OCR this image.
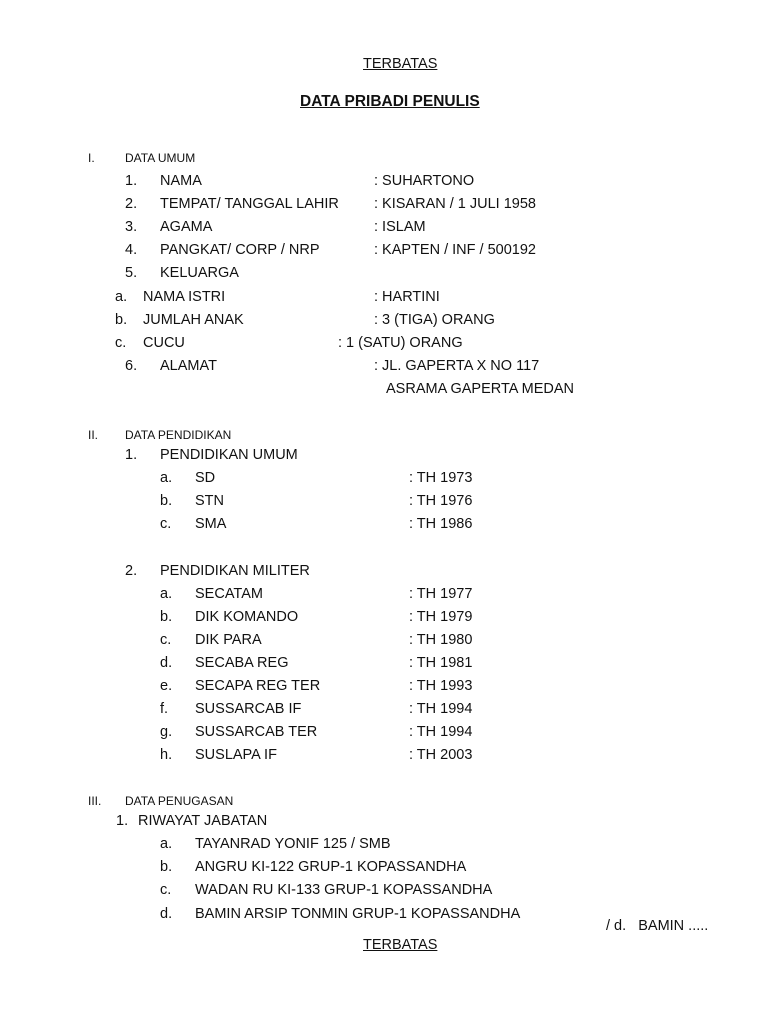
TERBATAS
DATA PRIBADI PENULIS
I.	DATA UMUM
1. NAMA	: SUHARTONO
2. TEMPAT/ TANGGAL LAHIR : KISARAN / 1 JULI 1958
3. AGAMA	: ISLAM
4. PANGKAT/ CORP / NRP	: KAPTEN / INF / 500192
5. KELUARGA
a. NAMA ISTRI	: HARTINI
b. JUMLAH ANAK	: 3 (TIGA) ORANG
c. CUCU	: 1 (SATU) ORANG
6. ALAMAT	: JL. GAPERTA X NO 117
ASRAMA GAPERTA MEDAN
II. DATA PENDIDIKAN
1. PENDIDIKAN UMUM
a. SD	: TH 1973
b. STN	: TH 1976
c. SMA	: TH 1986
2. PENDIDIKAN MILITER
a. SECATAM	: TH 1977
b. DIK KOMANDO	: TH 1979
c. DIK PARA	: TH 1980
d. SECABA REG	: TH 1981
e. SECAPA REG TER	: TH 1993
f. SUSSARCAB IF	: TH 1994
g. SUSSARCAB TER	: TH 1994
h. SUSLAPA IF	: TH 2003
III. DATA PENUGASAN
1. RIWAYAT JABATAN
a. TAYANRAD YONIF 125 / SMB
b. ANGRU KI-122 GRUP-1 KOPASSANDHA
c. WADAN RU KI-133 GRUP-1 KOPASSANDHA
d. BAMIN ARSIP TONMIN GRUP-1 KOPASSANDHA
/ d.   BAMIN .....
TERBATAS
